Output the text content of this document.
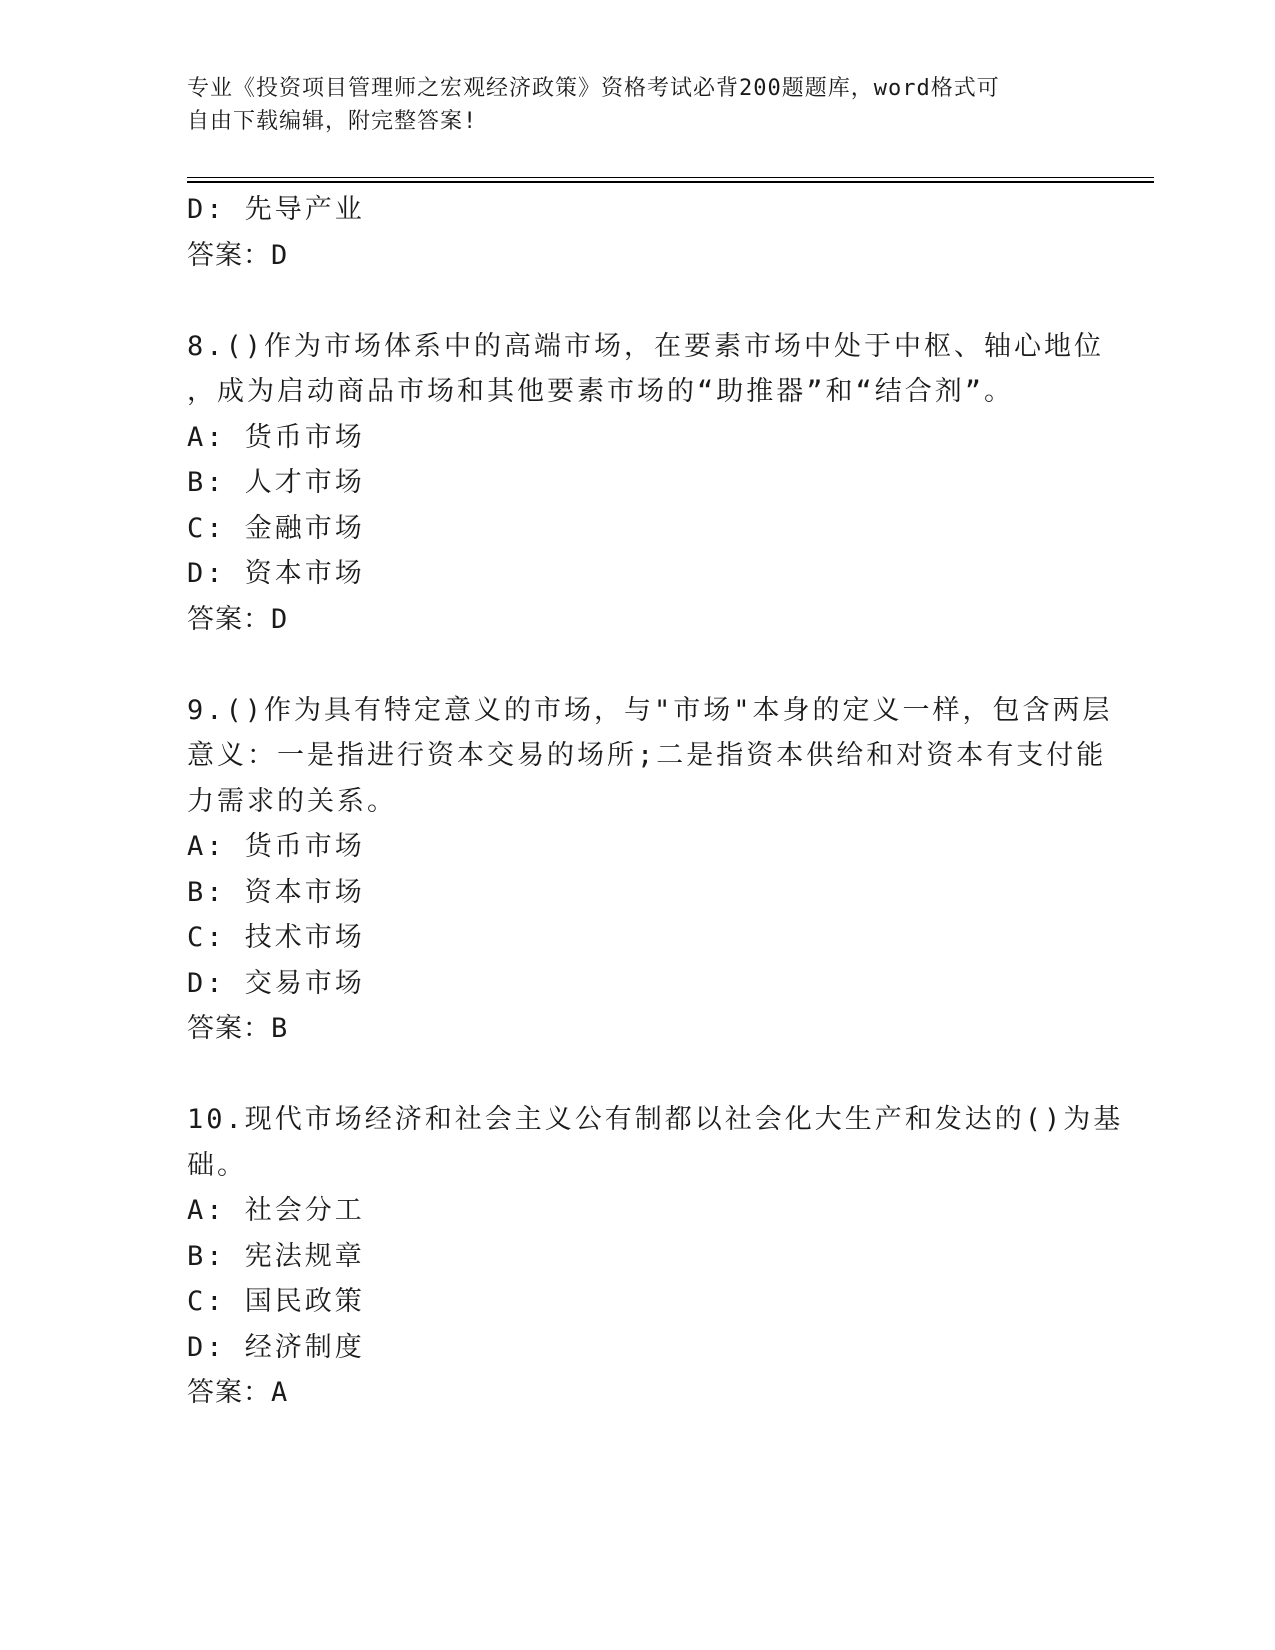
专业《投资项目管理师之宏观经济政策》资格考试必背200题题库，word格式可
自由下载编辑，附完整答案!
D: 先导产业
答案：D
8.()作为市场体系中的高端市场，在要素市场中处于中枢、轴心地位
，成为启动商品市场和其他要素市场的“助推器”和“结合剂”。
A: 货币市场
B: 人才市场
C: 金融市场
D: 资本市场
答案：D
9.()作为具有特定意义的市场，与"市场"本身的定义一样，包含两层
意义：一是指进行资本交易的场所;二是指资本供给和对资本有支付能
力需求的关系。
A: 货币市场
B: 资本市场
C: 技术市场
D: 交易市场
答案：B
10.现代市场经济和社会主义公有制都以社会化大生产和发达的()为基
础。
A: 社会分工
B: 宪法规章
C: 国民政策
D: 经济制度
答案：A
